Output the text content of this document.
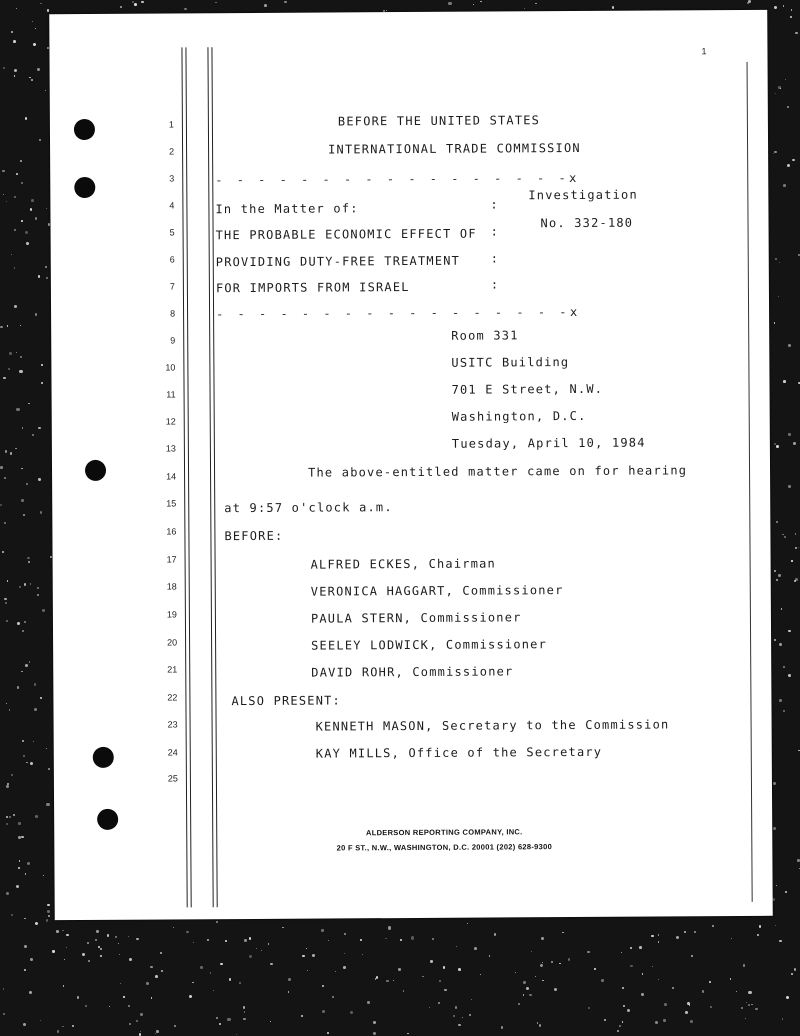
1
1
2
3
4
5
6
7
8
9
10
11
12
13
14
15
16
17
18
19
20
21
22
23
24
25
BEFORE THE UNITED STATES
INTERNATIONAL TRADE COMMISSION
- - - - - - - - - - - - - - - - -x
In the Matter of:
THE PROBABLE ECONOMIC EFFECT OF
PROVIDING DUTY-FREE TREATMENT
FOR IMPORTS FROM ISRAEL
:
:
:
:
Investigation
No. 332-180
- - - - - - - - - - - - - - - - -x
Room 331
USITC Building
701 E Street, N.W.
Washington, D.C.
Tuesday, April 10, 1984
The above-entitled matter came on for hearing
at 9:57 o'clock a.m.
BEFORE:
ALFRED ECKES, Chairman
VERONICA HAGGART, Commissioner
PAULA STERN, Commissioner
SEELEY LODWICK, Commissioner
DAVID ROHR, Commissioner
ALSO PRESENT:
KENNETH MASON, Secretary to the Commission
KAY MILLS, Office of the Secretary
ALDERSON REPORTING COMPANY, INC.
20 F ST., N.W., WASHINGTON, D.C. 20001 (202) 628-9300
